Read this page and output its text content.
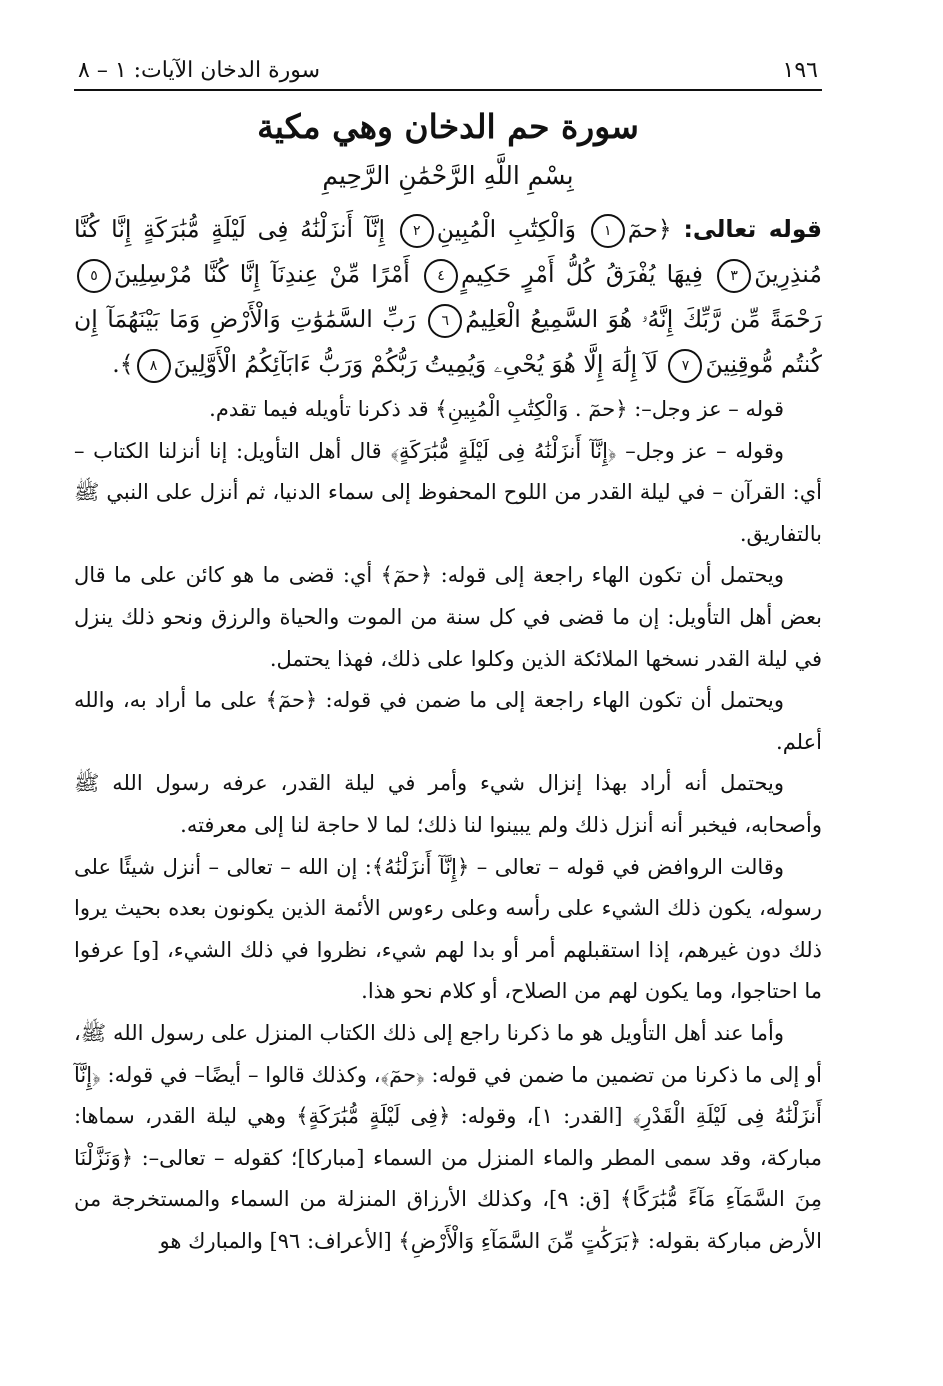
١٩٦
سورة الدخان الآيات: ١ – ٨
سورة حم الدخان وهي مكية
بِسْمِ اللَّهِ الرَّحْمَٰنِ الرَّحِيمِ
قوله تعالى: ﴿حمٓ١ وَالْكِتَٰبِ الْمُبِينِ٢ إِنَّآ أَنزَلْنَٰهُ فِى لَيْلَةٍ مُّبَٰرَكَةٍ إِنَّا كُنَّا مُنذِرِينَ٣ فِيهَا يُفْرَقُ كُلُّ أَمْرٍ حَكِيمٍ٤ أَمْرًا مِّنْ عِندِنَآ إِنَّا كُنَّا مُرْسِلِينَ٥ رَحْمَةً مِّن رَّبِّكَ إِنَّهُۥ هُوَ السَّمِيعُ الْعَلِيمُ٦ رَبِّ السَّمَٰوَٰتِ وَالْأَرْضِ وَمَا بَيْنَهُمَآ إِن كُنتُم مُّوقِنِينَ٧ لَآ إِلَٰهَ إِلَّا هُوَ يُحْىِۦ وَيُمِيتُ رَبُّكُمْ وَرَبُّ ءَابَآئِكُمُ الْأَوَّلِينَ٨﴾.

قوله – عز وجل–: ﴿حمٓ . وَالْكِتَٰبِ الْمُبِينِ﴾ قد ذكرنا تأويله فيما تقدم.

وقوله – عز وجل– ﴿إِنَّآ أَنزَلْنَٰهُ فِى لَيْلَةٍ مُّبَٰرَكَةٍ﴾ قال أهل التأويل: إنا أنزلنا الكتاب – أي: القرآن – في ليلة القدر من اللوح المحفوظ إلى سماء الدنيا، ثم أنزل على النبي ﷺ بالتفاريق.

ويحتمل أن تكون الهاء راجعة إلى قوله: ﴿حمٓ﴾ أي: قضى ما هو كائن على ما قال بعض أهل التأويل: إن ما قضى في كل سنة من الموت والحياة والرزق ونحو ذلك ينزل في ليلة القدر نسخها الملائكة الذين وكلوا على ذلك، فهذا يحتمل.

ويحتمل أن تكون الهاء راجعة إلى ما ضمن في قوله: ﴿حمٓ﴾ على ما أراد به، والله أعلم.

ويحتمل أنه أراد بهذا إنزال شيء وأمر في ليلة القدر، عرفه رسول الله ﷺ وأصحابه، فيخبر أنه أنزل ذلك ولم يبينوا لنا ذلك؛ لما لا حاجة لنا إلى معرفته.

وقالت الروافض في قوله – تعالى – ﴿إِنَّآ أَنزَلْنَٰهُ﴾: إن الله – تعالى – أنزل شيئًا على رسوله، يكون ذلك الشيء على رأسه وعلى رءوس الأئمة الذين يكونون بعده بحيث يروا ذلك دون غيرهم، إذا استقبلهم أمر أو بدا لهم شيء، نظروا في ذلك الشيء، [و] عرفوا ما احتاجوا، وما يكون لهم من الصلاح، أو كلام نحو هذا.

وأما عند أهل التأويل هو ما ذكرنا راجع إلى ذلك الكتاب المنزل على رسول الله ﷺ، أو إلى ما ذكرنا من تضمين ما ضمن في قوله: ﴿حمٓ﴾، وكذلك قالوا – أيضًا– في قوله: ﴿إِنَّآ أَنزَلْنَٰهُ فِى لَيْلَةِ الْقَدْرِ﴾ [القدر: ١]، وقوله: ﴿فِى لَيْلَةٍ مُّبَٰرَكَةٍ﴾ وهي ليلة القدر، سماها: مباركة، وقد سمى المطر والماء المنزل من السماء [مباركا]؛ كقوله – تعالى–: ﴿وَنَزَّلْنَا مِنَ السَّمَآءِ مَآءً مُّبَٰرَكًا﴾ [ق: ٩]، وكذلك الأرزاق المنزلة من السماء والمستخرجة من الأرض مباركة بقوله: ﴿بَرَكَٰتٍ مِّنَ السَّمَآءِ وَالْأَرْضِ﴾ [الأعراف: ٩٦] والمبارك هو
